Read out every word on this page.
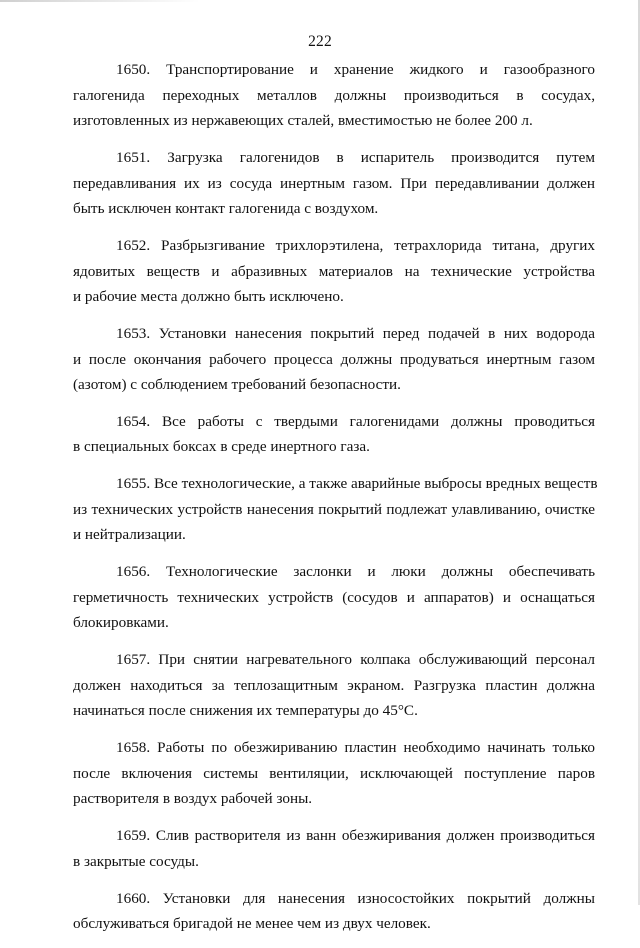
222
1650. Транспортирование и хранение жидкого и газообразного
галогенида переходных металлов должны производиться в сосудах,
изготовленных из нержавеющих сталей, вместимостью не более 200 л.
1651. Загрузка галогенидов в испаритель производится путем
передавливания их из сосуда инертным газом. При передавливании должен
быть исключен контакт галогенида с воздухом.
1652. Разбрызгивание трихлорэтилена, тетрахлорида титана, других
ядовитых веществ и абразивных материалов на технические устройства
и рабочие места должно быть исключено.
1653. Установки нанесения покрытий перед подачей в них водорода
и после окончания рабочего процесса должны продуваться инертным газом
(азотом) с соблюдением требований безопасности.
1654. Все работы с твердыми галогенидами должны проводиться
в специальных боксах в среде инертного газа.
1655. Все технологические, а также аварийные выбросы вредных веществ
из технических устройств нанесения покрытий подлежат улавливанию, очистке
и нейтрализации.
1656. Технологические заслонки и люки должны обеспечивать
герметичность технических устройств (сосудов и аппаратов) и оснащаться
блокировками.
1657. При снятии нагревательного колпака обслуживающий персонал
должен находиться за теплозащитным экраном. Разгрузка пластин должна
начинаться после снижения их температуры до 45°С.
1658. Работы по обезжириванию пластин необходимо начинать только
после включения системы вентиляции, исключающей поступление паров
растворителя в воздух рабочей зоны.
1659. Слив растворителя из ванн обезжиривания должен производиться
в закрытые сосуды.
1660. Установки для нанесения износостойких покрытий должны
обслуживаться бригадой не менее чем из двух человек.
